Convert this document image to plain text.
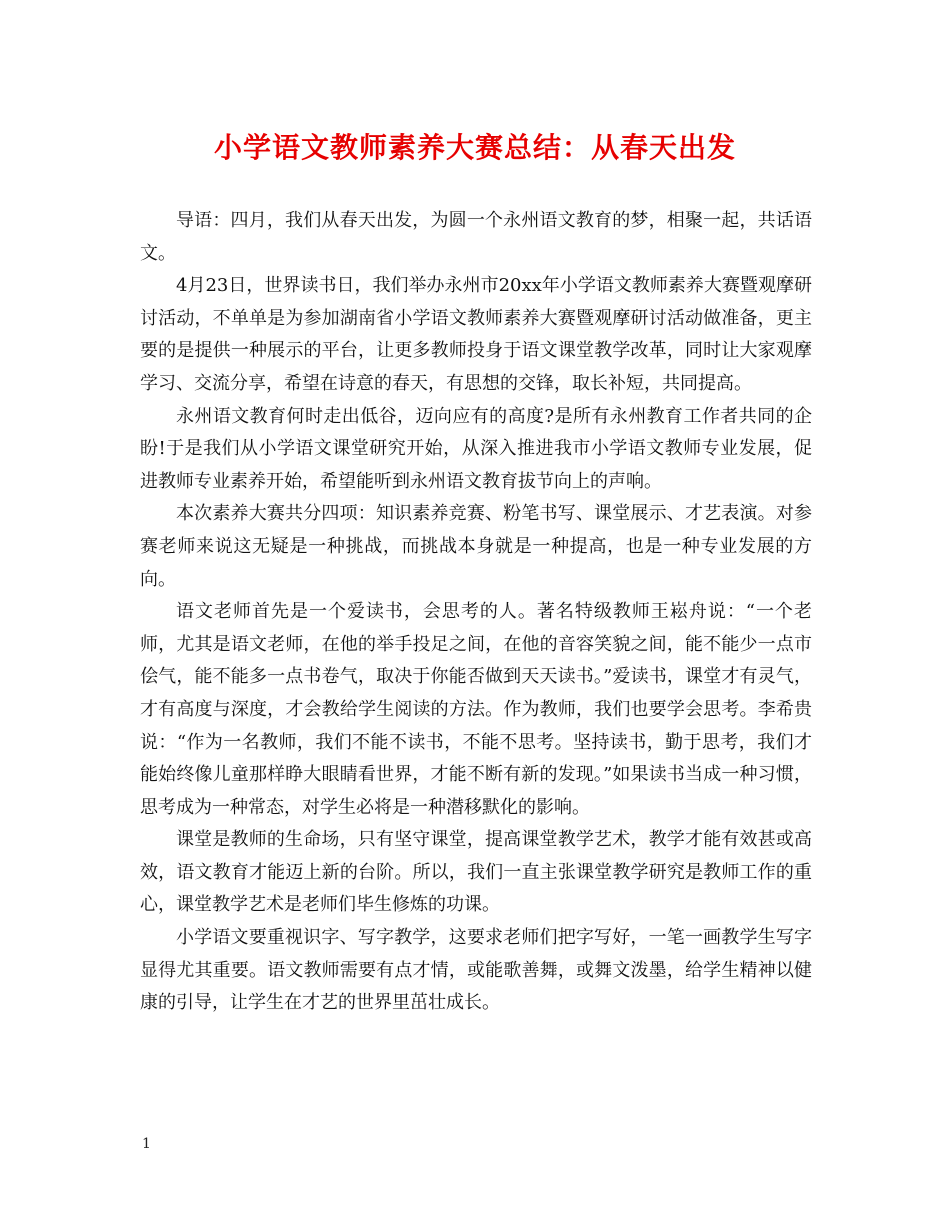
小学语文教师素养大赛总结：从春天出发

导语：四月，我们从春天出发，为圆一个永州语文教育的梦，相聚一起，共话语文。

4月23日，世界读书日，我们举办永州市20xx年小学语文教师素养大赛暨观摩研讨活动，不单单是为参加湖南省小学语文教师素养大赛暨观摩研讨活动做准备，更主要的是提供一种展示的平台，让更多教师投身于语文课堂教学改革，同时让大家观摩学习、交流分享，希望在诗意的春天，有思想的交锋，取长补短，共同提高。

永州语文教育何时走出低谷，迈向应有的高度?是所有永州教育工作者共同的企盼!于是我们从小学语文课堂研究开始，从深入推进我市小学语文教师专业发展，促进教师专业素养开始，希望能听到永州语文教育拔节向上的声响。

本次素养大赛共分四项：知识素养竞赛、粉笔书写、课堂展示、才艺表演。对参赛老师来说这无疑是一种挑战，而挑战本身就是一种提高，也是一种专业发展的方向。

语文老师首先是一个爱读书，会思考的人。著名特级教师王崧舟说：“一个老师，尤其是语文老师，在他的举手投足之间，在他的音容笑貌之间，能不能少一点市侩气，能不能多一点书卷气，取决于你能否做到天天读书。”爱读书，课堂才有灵气，才有高度与深度，才会教给学生阅读的方法。作为教师，我们也要学会思考。李希贵说：“作为一名教师，我们不能不读书，不能不思考。坚持读书，勤于思考，我们才能始终像儿童那样睁大眼睛看世界，才能不断有新的发现。”如果读书当成一种习惯，思考成为一种常态，对学生必将是一种潜移默化的影响。

课堂是教师的生命场，只有坚守课堂，提高课堂教学艺术，教学才能有效甚或高效，语文教育才能迈上新的台阶。所以，我们一直主张课堂教学研究是教师工作的重心，课堂教学艺术是老师们毕生修炼的功课。

小学语文要重视识字、写字教学，这要求老师们把字写好，一笔一画教学生写字显得尤其重要。语文教师需要有点才情，或能歌善舞，或舞文泼墨，给学生精神以健康的引导，让学生在才艺的世界里茁壮成长。

1
